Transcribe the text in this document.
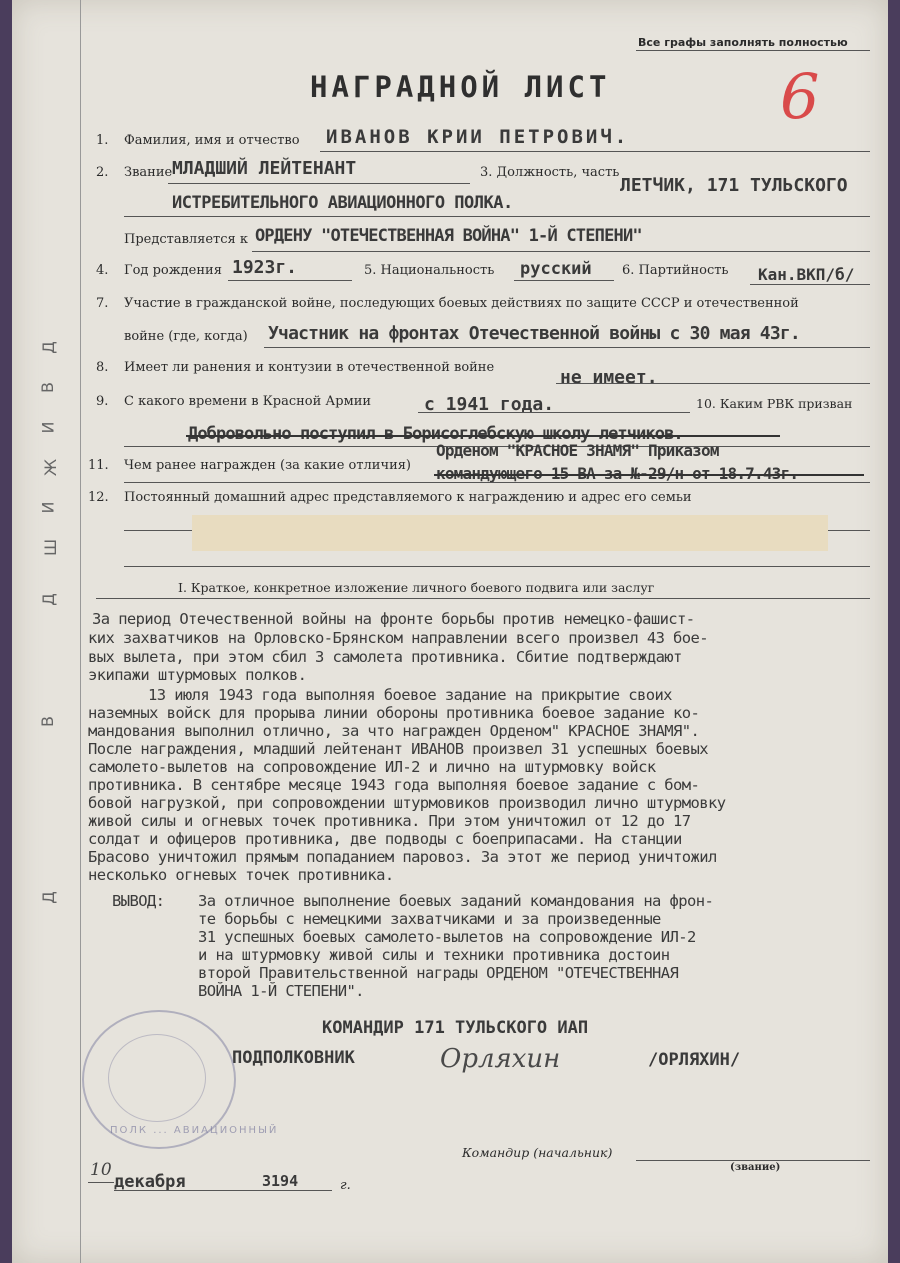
Д
В
И
Ж
И
Ш
Д
В
Д
Все графы заполнять полностью
НАГРАДНОЙ ЛИСТ	6
1. Фамилия, имя и отчество ИВАНОВ КРИИ ПЕТРОВИЧ.
2. Звание МЛАДШИЙ ЛЕЙТЕНАНТ	3. Должность, часть
ЛЕТЧИК, 171 ТУЛЬСКОГО
ИСТРЕБИТЕЛЬНОГО АВИАЦИОННОГО ПОЛКА.
Представляется к ОРДЕНУ "ОТЕЧЕСТВЕННАЯ ВОЙНА" 1-Й СТЕПЕНИ"
4. Год рождения 1923г.	5. Национальность русский 6. Партийность Кан.ВКП/б/
7. Участие в гражданской войне, последующих боевых действиях по защите СССР и отечественной
войне (где, когда) Участник на фронтах Отечественной войны с 30 мая 43г.
8. Имеет ли ранения и контузии в отечественной войне	не имеет.
9. С какого времени в Красной Армии	с 1941 года.	10. Каким РВК призван
Добровольно поступил в Борисоглебскую школу летчиков.
Орденом "КРАСНОЕ ЗНАМЯ" Приказом
11. Чем ранее награжден (за какие отличия) командующего 15 ВА за №-29/н от 18.7.43г.
12. Постоянный домашний адрес представляемого к награждению и адрес его семьи
I. Краткое, конкретное изложение личного боевого подвига или заслуг
За период Отечественной войны на фронте борьбы против немецко-фашист-
ких захватчиков на Орловско-Брянском направлении всего произвел 43 бое-
вых вылета, при этом сбил 3 самолета противника. Сбитие подтверждают
экипажи штурмовых полков.
13 июля 1943 года выполняя боевое задание на прикрытие своих
наземных войск для прорыва линии обороны противника боевое задание ко-
мандования выполнил отлично, за что награжден Орденом" КРАСНОЕ ЗНАМЯ".
После награждения, младший лейтенант ИВАНОВ произвел 31 успешных боевых
самолето-вылетов на сопровождение ИЛ-2 и лично на штурмовку войск
противника. В сентябре месяце 1943 года выполняя боевое задание с бом-
бовой нагрузкой, при сопровождении штурмовиков производил лично штурмовку
живой силы и огневых точек противника. При этом уничтожил от 12 до 17
солдат и офицеров противника, две подводы с боеприпасами. На станции
Брасово уничтожил прямым попаданием паровоз. За этот же период уничтожил
несколько огневых точек противника.
ВЫВОД: За отличное выполнение боевых заданий командования на фрон-
те борьбы с немецкими захватчиками и за произведенные
31 успешных боевых самолето-вылетов на сопровождение ИЛ-2
и на штурмовку живой силы и техники противника достоин
второй Правительственной награды ОРДЕНОМ "ОТЕЧЕСТВЕННАЯ
ВОЙНА 1-Й СТЕПЕНИ".
КОМАНДИР 171 ТУЛЬСКОГО ИАП
ПОДПОЛКОВНИК	Орляхин	/ОРЛЯХИН/
Командир (начальник)
(звание)
10
декабря	3194	г.
ПОЛК ... АВИАЦИОННЫЙ
